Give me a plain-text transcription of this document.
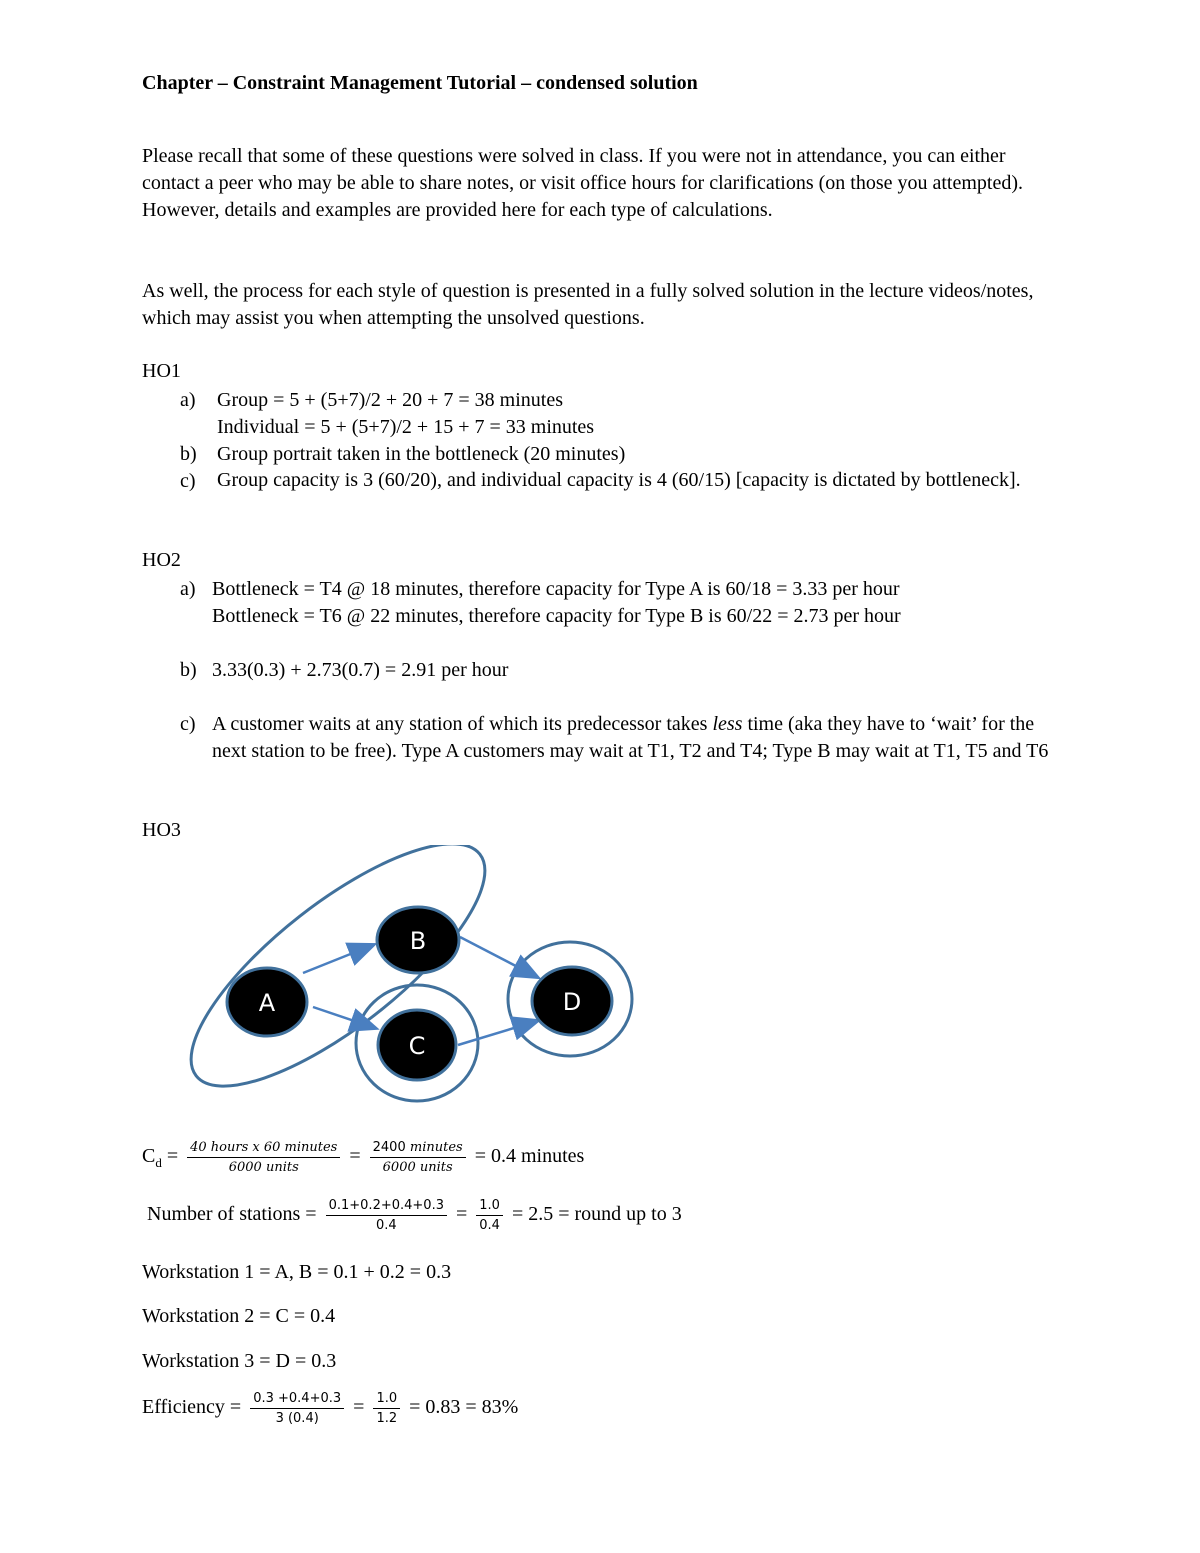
Chapter – Constraint Management Tutorial – condensed solution
Please recall that some of these questions were solved in class. If you were not in attendance, you can either contact a peer who may be able to share notes, or visit office hours for clarifications (on those you attempted). However, details and examples are provided here for each type of calculations.
As well, the process for each style of question is presented in a fully solved solution in the lecture videos/notes, which may assist you when attempting the unsolved questions.
HO1
a) Group = 5 + (5+7)/2 + 20 + 7 = 38 minutes
Individual = 5 + (5+7)/2 + 15 + 7 = 33 minutes
b) Group portrait taken in the bottleneck (20 minutes)
c) Group capacity is 3 (60/20), and individual capacity is 4 (60/15) [capacity is dictated by bottleneck].
HO2
a) Bottleneck = T4 @ 18 minutes, therefore capacity for Type A is 60/18 = 3.33 per hour
Bottleneck = T6 @ 22 minutes, therefore capacity for Type B is 60/22 = 2.73 per hour
b) 3.33(0.3) + 2.73(0.7) = 2.91 per hour
c) A customer waits at any station of which its predecessor takes less time (aka they have to ‘wait’ for the next station to be free). Type A customers may wait at T1, T2 and T4; Type B may wait at T1, T5 and T6
HO3
A
B
C
D
$C_d = \frac{\text{40 hours x 60 minutes}}{\text{6000 units}} = \frac{\text{2400 minutes}}{\text{6000 units}} = 0.4$ minutes
Number of stations = $\frac{0.1+0.2+0.4+0.3}{0.4} = \frac{1.0}{0.4} = 2.5$ = round up to 3
Workstation 1 = A, B = 0.1 + 0.2 = 0.3
Workstation 2 = C = 0.4
Workstation 3 = D = 0.3
Efficiency = $\frac{0.3 +0.4+0.3}{3 (0.4)} = \frac{1.0}{1.2} = 0.83 = 83\%$
